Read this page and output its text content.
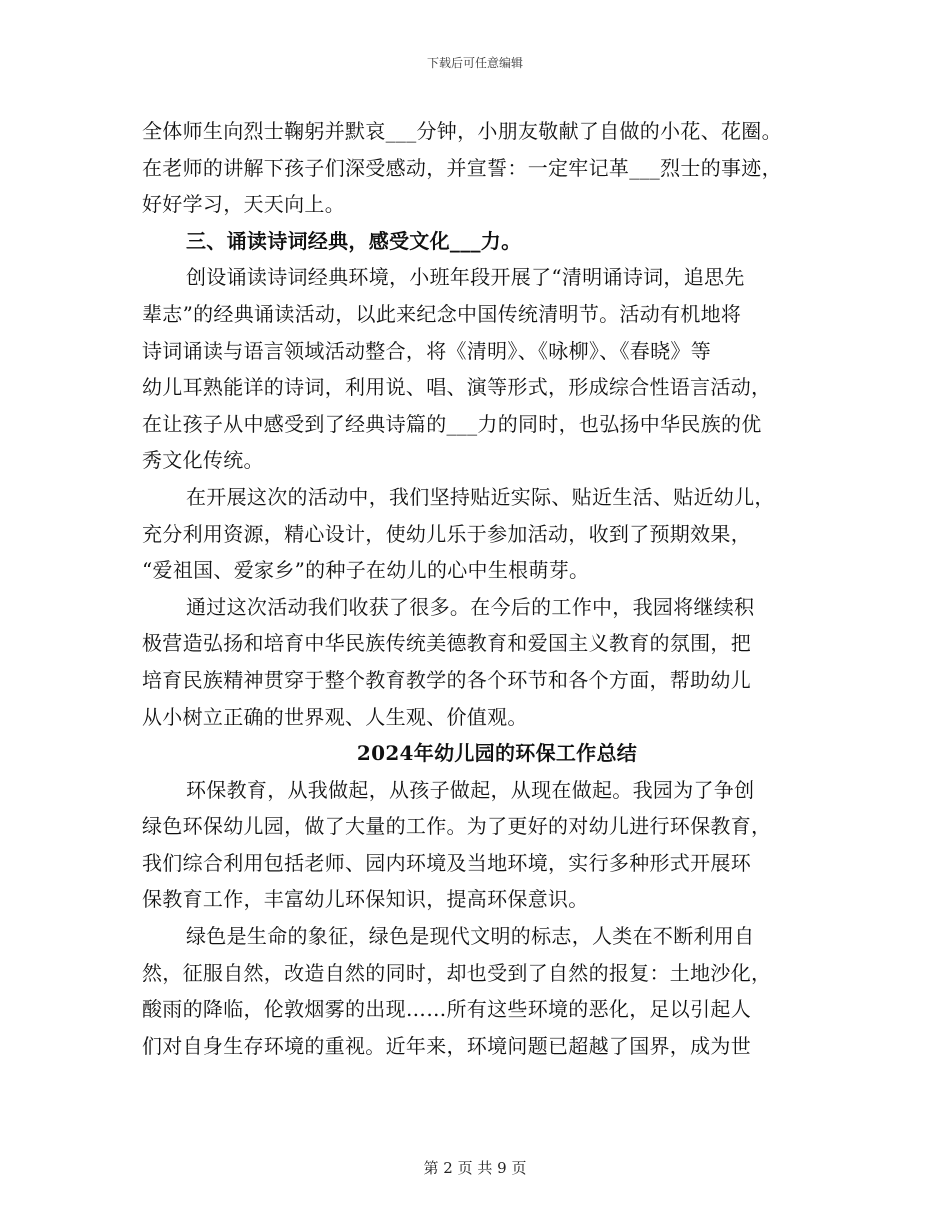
下载后可任意编辑
全体师生向烈士鞠躬并默哀___分钟，小朋友敬献了自做的小花、花圈。
在老师的讲解下孩子们深受感动，并宣誓：一定牢记革___烈士的事迹，
好好学习，天天向上。
三、诵读诗词经典，感受文化___力。
创设诵读诗词经典环境，小班年段开展了“清明诵诗词，追思先
辈志”的经典诵读活动，以此来纪念中国传统清明节。活动有机地将
诗词诵读与语言领域活动整合，将《清明》、《咏柳》、《春晓》等
幼儿耳熟能详的诗词，利用说、唱、演等形式，形成综合性语言活动，
在让孩子从中感受到了经典诗篇的___力的同时，也弘扬中华民族的优
秀文化传统。
在开展这次的活动中，我们坚持贴近实际、贴近生活、贴近幼儿，
充分利用资源，精心设计，使幼儿乐于参加活动，收到了预期效果，
“爱祖国、爱家乡”的种子在幼儿的心中生根萌芽。
通过这次活动我们收获了很多。在今后的工作中，我园将继续积
极营造弘扬和培育中华民族传统美德教育和爱国主义教育的氛围，把
培育民族精神贯穿于整个教育教学的各个环节和各个方面，帮助幼儿
从小树立正确的世界观、人生观、价值观。
2024年幼儿园的环保工作总结
环保教育，从我做起，从孩子做起，从现在做起。我园为了争创
绿色环保幼儿园，做了大量的工作。为了更好的对幼儿进行环保教育，
我们综合利用包括老师、园内环境及当地环境，实行多种形式开展环
保教育工作，丰富幼儿环保知识，提高环保意识。
绿色是生命的象征，绿色是现代文明的标志，人类在不断利用自
然，征服自然，改造自然的同时，却也受到了自然的报复：土地沙化，
酸雨的降临，伦敦烟雾的出现……所有这些环境的恶化，足以引起人
们对自身生存环境的重视。近年来，环境问题已超越了国界，成为世
第 2 页 共 9 页
